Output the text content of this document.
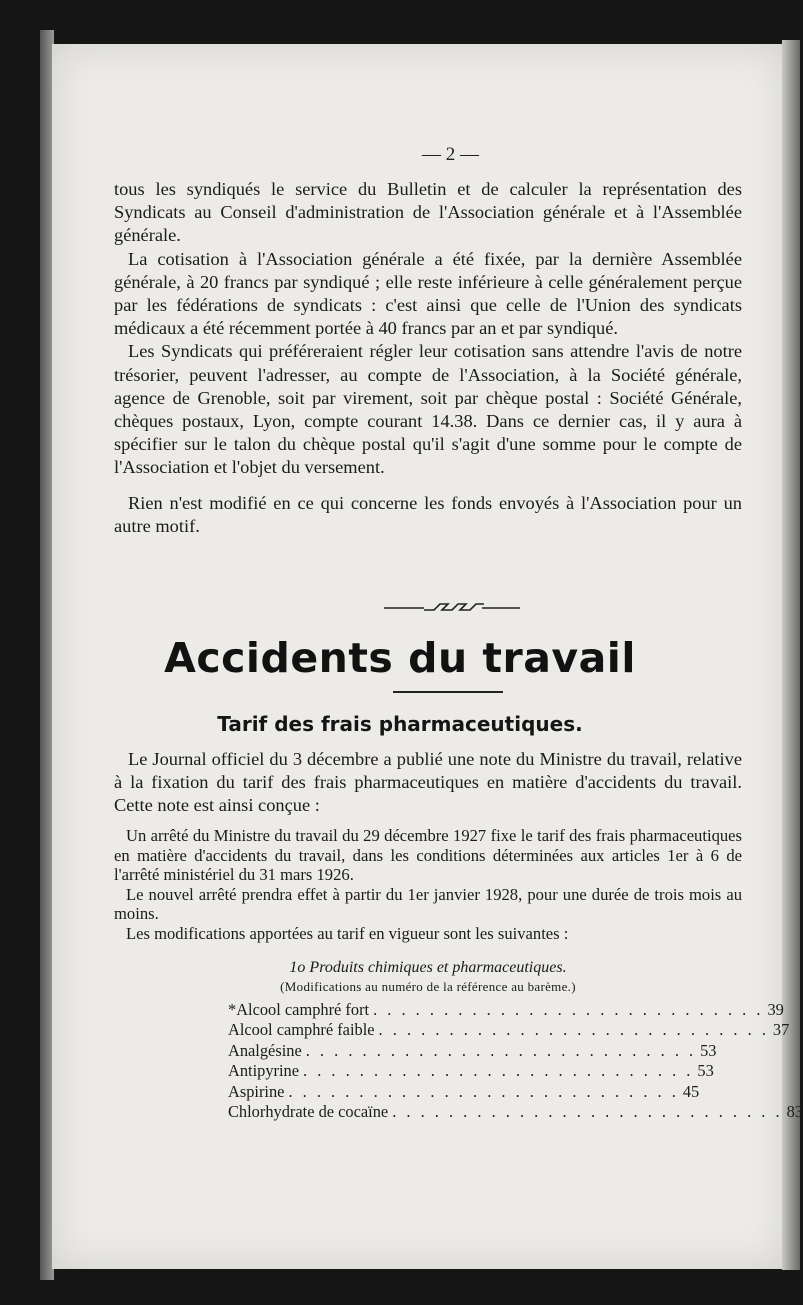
— 2 —

tous les syndiqués le service du Bulletin et de calculer la représentation des Syndicats au Conseil d'administration de l'Association générale et à l'Assemblée générale.

La cotisation à l'Association générale a été fixée, par la dernière Assemblée générale, à 20 francs par syndiqué ; elle reste inférieure à celle généralement perçue par les fédérations de syndicats : c'est ainsi que celle de l'Union des syndicats médicaux a été récemment portée à 40 francs par an et par syndiqué.

Les Syndicats qui préféreraient régler leur cotisation sans attendre l'avis de notre trésorier, peuvent l'adresser, au compte de l'Association, à la Société générale, agence de Grenoble, soit par virement, soit par chèque postal : Société Générale, chèques postaux, Lyon, compte courant 14.38. Dans ce dernier cas, il y aura à spécifier sur le talon du chèque postal qu'il s'agit d'une somme pour le compte de l'Association et l'objet du versement.

Rien n'est modifié en ce qui concerne les fonds envoyés à l'Association pour un autre motif.

Accidents du travail
Tarif des frais pharmaceutiques.

Le Journal officiel du 3 décembre a publié une note du Ministre du travail, relative à la fixation du tarif des frais pharmaceutiques en matière d'accidents du travail. Cette note est ainsi conçue :

Un arrêté du Ministre du travail du 29 décembre 1927 fixe le tarif des frais pharmaceutiques en matière d'accidents du travail, dans les conditions déterminées aux articles 1er à 6 de l'arrêté ministériel du 31 mars 1926.

Le nouvel arrêté prendra effet à partir du 1er janvier 1928, pour une durée de trois mois au moins.

Les modifications apportées au tarif en vigueur sont les suivantes :

1o Produits chimiques et pharmaceutiques.
(Modifications au numéro de la référence au barème.)
*Alcool camphré fort . . . . . . . . . . . . . . . . . . . . . . . . . . . . 39
Alcool camphré faible . . . . . . . . . . . . . . . . . . . . . . . . . . . . 37
Analgésine . . . . . . . . . . . . . . . . . . . . . . . . . . . . 53
Antipyrine . . . . . . . . . . . . . . . . . . . . . . . . . . . . 53
Aspirine . . . . . . . . . . . . . . . . . . . . . . . . . . . . 45
Chlorhydrate de cocaïne . . . . . . . . . . . . . . . . . . . . . . . . . . . . 83
